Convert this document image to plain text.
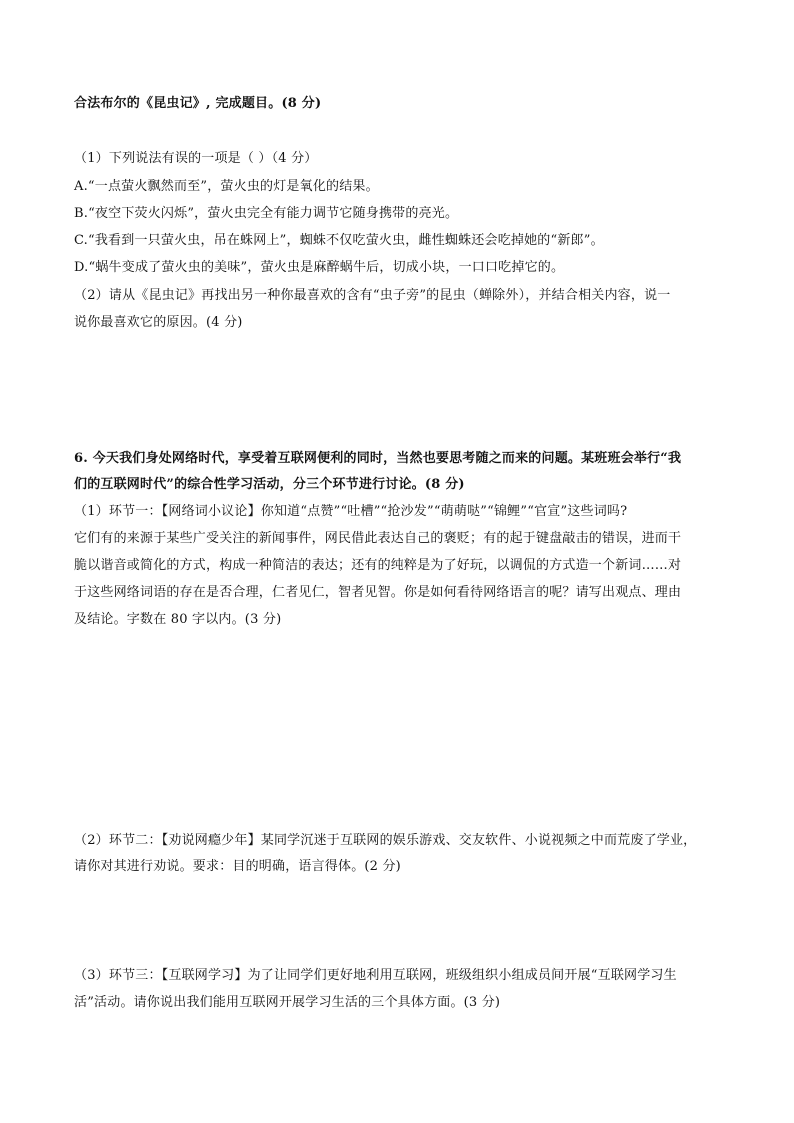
合法布尔的《昆虫记》, 完成题目。(8 分)
（1）下列说法有误的一项是（ ）（4 分）
A.“一点萤火飘然而至”，萤火虫的灯是氧化的结果。
B.“夜空下荧火闪烁”，萤火虫完全有能力调节它随身携带的亮光。
C.“我看到一只萤火虫，吊在蛛网上”，蜘蛛不仅吃萤火虫，雌性蜘蛛还会吃掉她的“新郎”。
D.“蜗牛变成了萤火虫的美味”，萤火虫是麻醉蜗牛后，切成小块，一口口吃掉它的。
（2）请从《昆虫记》再找出另一种你最喜欢的含有“虫子旁”的昆虫（蝉除外），并结合相关内容，说一
说你最喜欢它的原因。(4 分)
6. 今天我们身处网络时代，享受着互联网便利的同时，当然也要思考随之而来的问题。某班班会举行“我
们的互联网时代”的综合性学习活动，分三个环节进行讨论。(8 分)
（1）环节一：【网络词小议论】你知道“点赞”“吐槽”“抢沙发”“萌萌哒”“锦鲤”“官宣”这些词吗?
它们有的来源于某些广受关注的新闻事件，网民借此表达自己的褒贬；有的起于键盘敲击的错误，进而干
脆以谐音或简化的方式，构成一种简洁的表达；还有的纯粹是为了好玩，以调侃的方式造一个新词……对
于这些网络词语的存在是否合理，仁者见仁，智者见智。你是如何看待网络语言的呢？请写出观点、理由
及结论。字数在 80 字以内。(3 分)
（2）环节二：【劝说网瘾少年】某同学沉迷于互联网的娱乐游戏、交友软件、小说视频之中而荒废了学业，
请你对其进行劝说。要求：目的明确，语言得体。(2 分)
（3）环节三：【互联网学习】为了让同学们更好地利用互联网，班级组织小组成员间开展“互联网学习生
活”活动。请你说出我们能用互联网开展学习生活的三个具体方面。(3 分)
